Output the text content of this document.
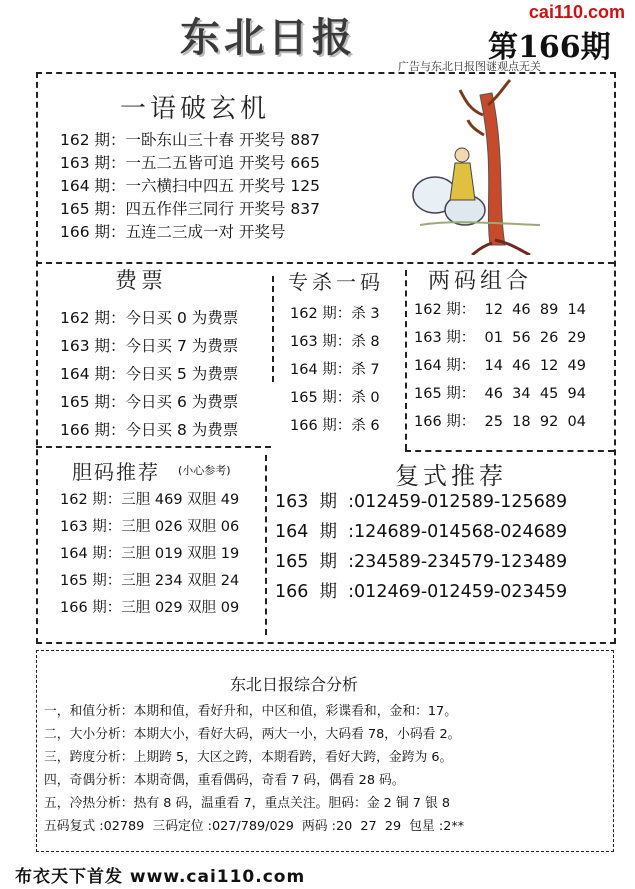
东北日报
cai110.com
第166期
广告与东北日报图谜观点无关
一语破玄机
162 期：一卧东山三十春 开奖号 887
163 期：一五二五皆可追 开奖号 665
164 期：一六横扫中四五 开奖号 125
165 期：四五作伴三同行 开奖号 837
166 期：五连二三成一对 开奖号
费票
162 期：今日买 0 为费票
163 期：今日买 7 为费票
164 期：今日买 5 为费票
165 期：今日买 6 为费票
166 期：今日买 8 为费票
专杀一码
162 期：杀 3
163 期：杀 8
164 期：杀 7
165 期：杀 0
166 期：杀 6
两码组合
162 期：  12  46  89  14
163 期：  01  56  26  29
164 期：  14  46  12  49
165 期：  46  34  45  94
166 期：  25  18  92  04
胆码推荐 (小心参考)
162 期：三胆 469 双胆 49
163 期：三胆 026 双胆 06
164 期：三胆 019 双胆 19
165 期：三胆 234 双胆 24
166 期：三胆 029 双胆 09
复式推荐
163  期  :012459-012589-125689
164  期  :124689-014568-024689
165  期  :234589-234579-123489
166  期  :012469-012459-023459
东北日报综合分析
一，和值分析：本期和值，看好升和，中区和值，彩谍看和，金和：17。
二，大小分析：本期大小，看好大码，两大一小，大码看 78，小码看 2。
三，跨度分析：上期跨 5，大区之跨，本期看跨，看好大跨，金跨为 6。
四，奇偶分析：本期奇偶，重看偶码，奇看 7 码，偶看 28 码。
五，冷热分析：热有 8 码，温重看 7，重点关注。胆码：金 2 铜 7 银 8
五码复式 :02789  三码定位 :027/789/029  两码 :20  27  29  包星 :2**
布衣天下首发 www.cai110.com
